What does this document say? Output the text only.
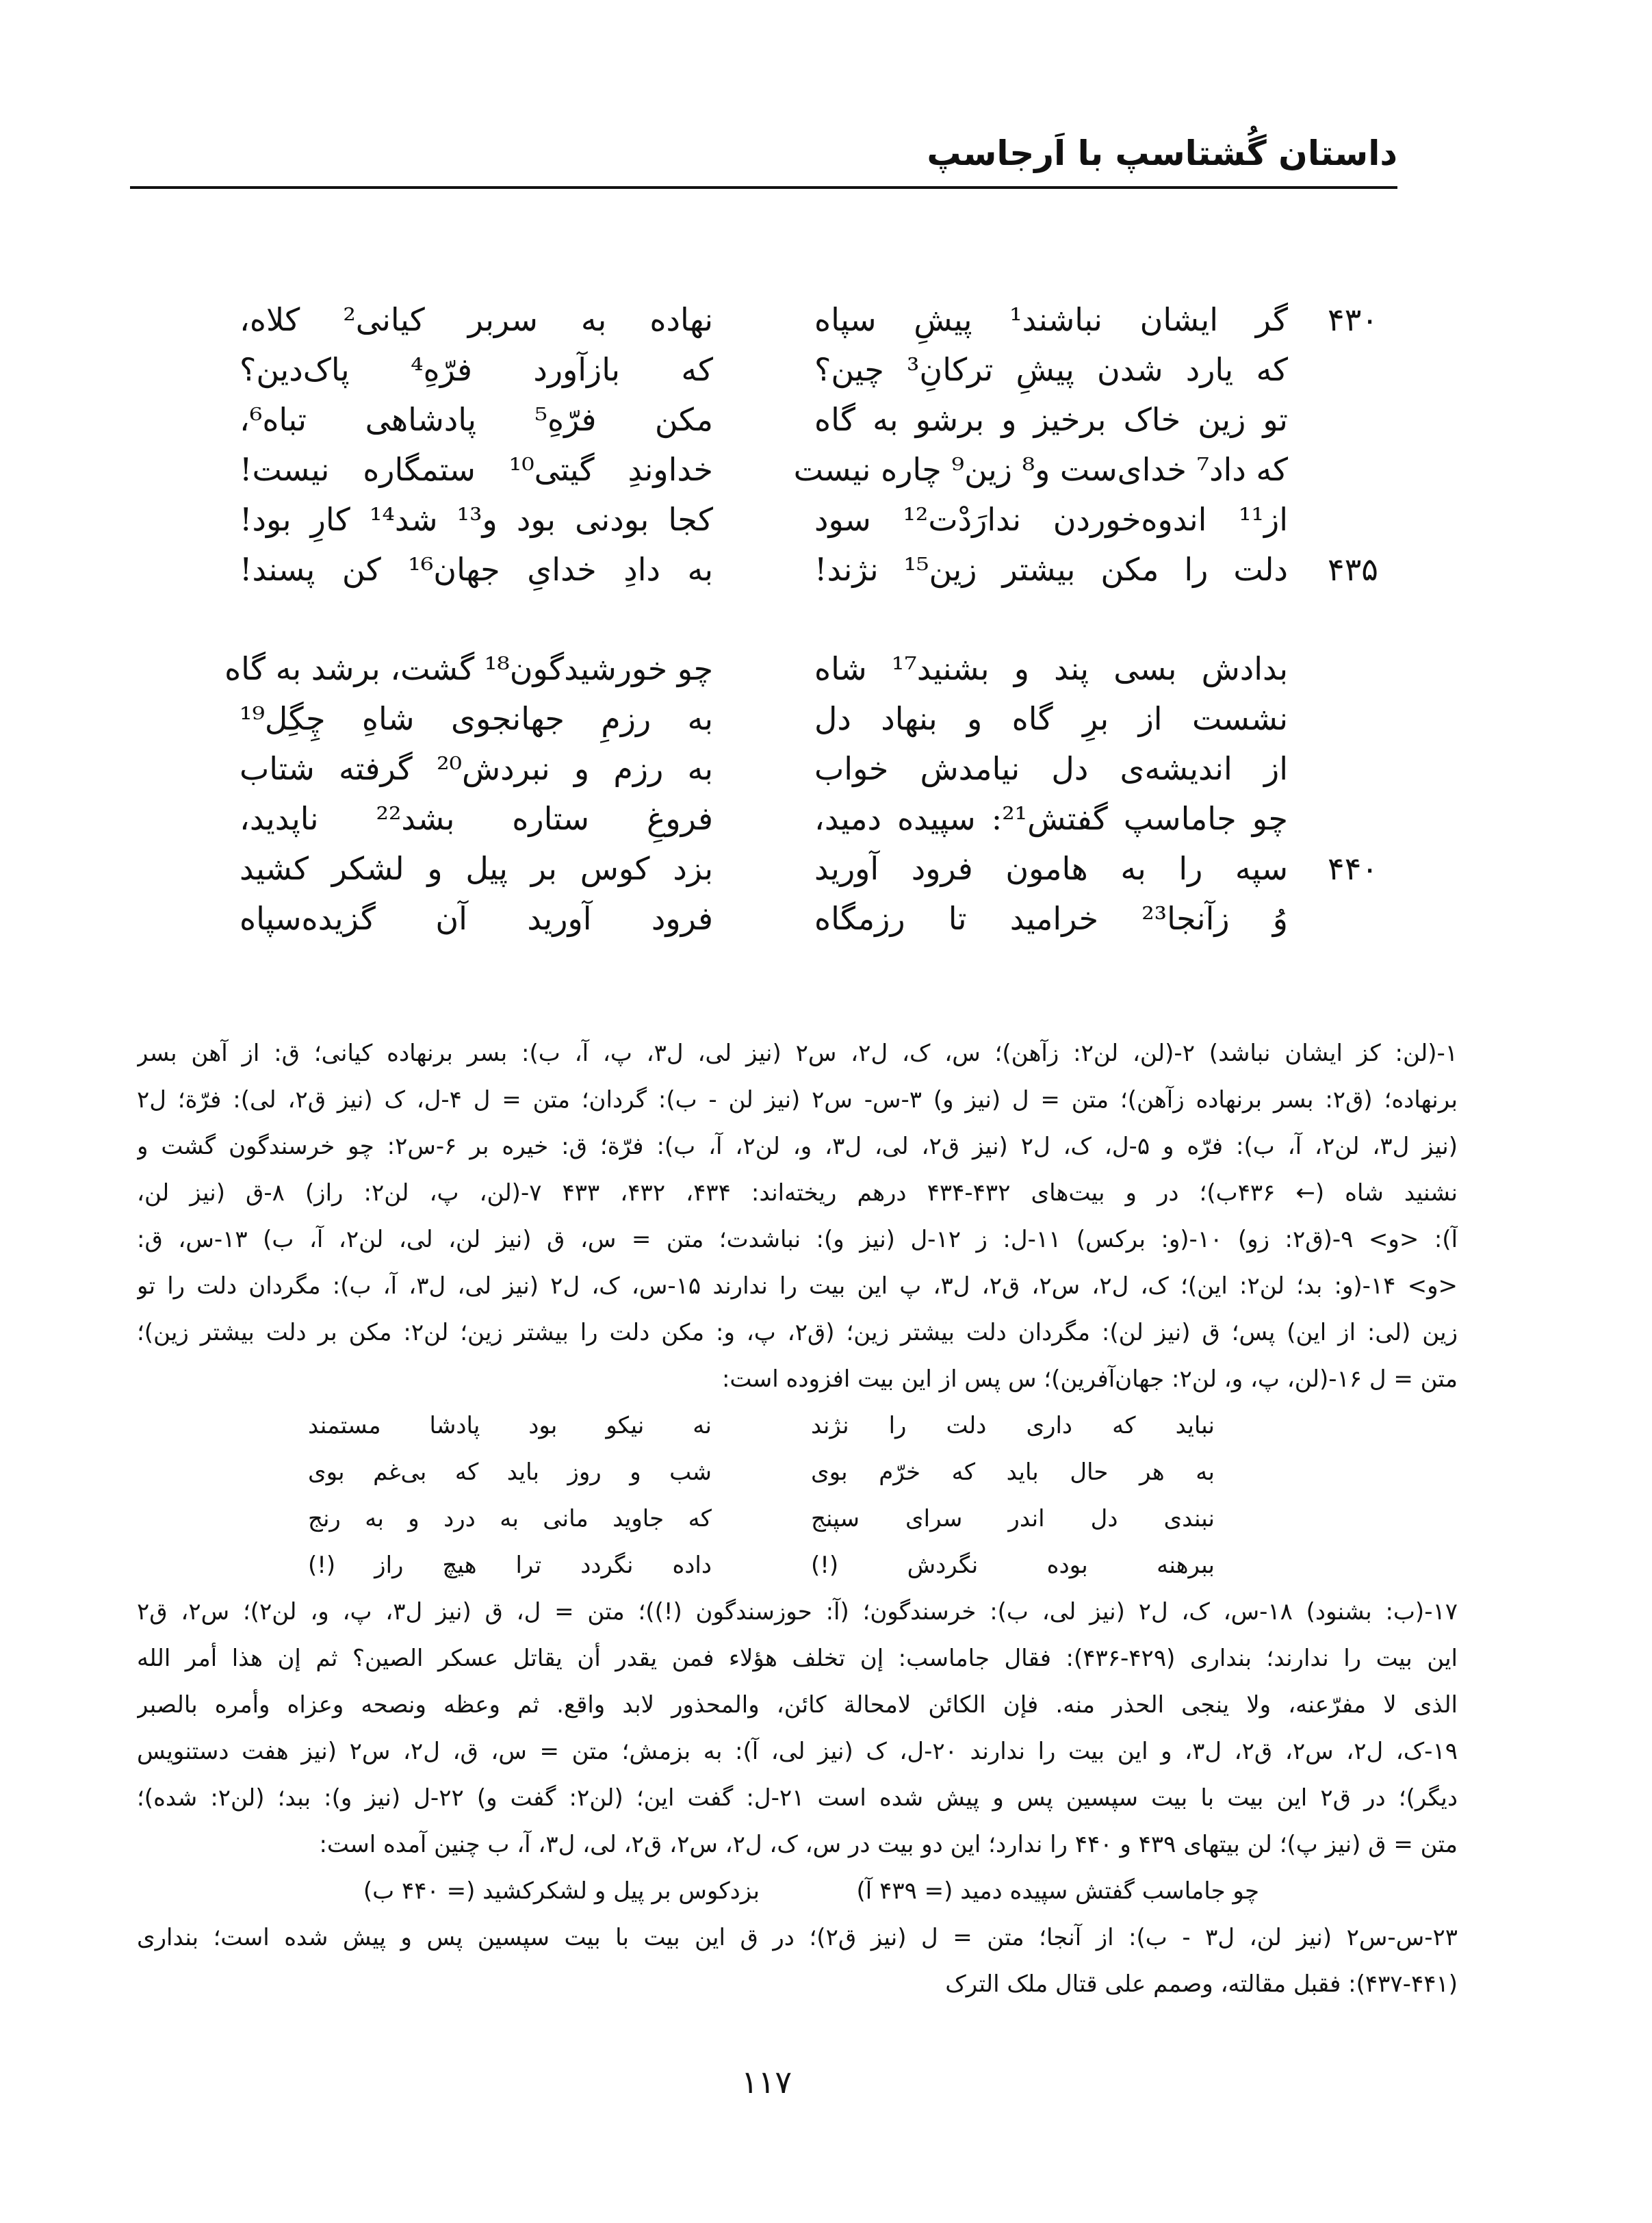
داستان گُشتاسپ با اَرجاسپ
۴۳۰
گر ایشان نباشند¹ پیشِ سپاه
نهاده به سربر کیانی² کلاه،
که یارد شدن پیشِ ترکانِ³ چین؟
که بازآورد فرّهِ⁴ پاک‌دین؟
تو زین خاک برخیز و برشو به گاه
مکن فرّهِ⁵ پادشاهی تباه⁶،
که داد⁷ خدای‌ست و⁸ زین⁹ چاره نیست
خداوندِ گیتی¹⁰ ستمگاره نیست!
از¹¹ اندوه‌خوردن ندارَدْت¹² سود
کجا بودنی بود و¹³ شد¹⁴ کارِ بود!
۴۳۵
دلت را مکن بیشتر زین¹⁵ نژند!
به دادِ خدایِ جهان¹⁶ کن پسند!
بدادش بسی پند و بشنید¹⁷ شاه
چو خورشیدگون¹⁸ گشت، برشد به گاه
نشست از برِ گاه و بنهاد دل
به رزمِ جهانجوی شاهِ چِگِل¹⁹
از اندیشه‌ی دل نیامدش خواب
به رزم و نبردش²⁰ گرفته شتاب
چو جاماسپ گفتش²¹: سپیده دمید،
فروغِ ستاره بشد²² ناپدید،
۴۴۰
سپه را به هامون فرود آورید
بزد کوس بر پیل و لشکر کشید
وُ زآنجا²³ خرامید تا رزمگاه
فرود آورید آن گزیده‌سپاه
۱-(لن: کز ایشان نباشد) ۲-(لن، لن۲: زآهن)؛ س، ک، ل۲، س۲ (نیز لی، ل۳، پ، آ، ب): بسر برنهاده کیانی؛ ق: از آهن بسر
برنهاده؛ (ق۲: بسر برنهاده زآهن)؛ متن = ل (نیز و) ۳-س- س۲ (نیز لن - ب): گردان؛ متن = ل ۴-ل، ک (نیز ق۲، لی): فرّة؛ ل۲
(نیز ل۳، لن۲، آ، ب): فرّه و ۵-ل، ک، ل۲ (نیز ق۲، لی، ل۳، و، لن۲، آ، ب): فرّة؛ ق: خیره بر ۶-س۲: چو خرسندگون گشت و
نشنید شاه (← ۴۳۶ب)؛ در و بیت‌های ۴۳۲-۴۳۴ درهم ریخته‌اند: ۴۳۴، ۴۳۲، ۴۳۳ ۷-(لن، پ، لن۲: راز) ۸-ق (نیز لن،
آ): <و> ۹-(ق۲: زو) ۱۰-(و: برکس) ۱۱-ل: ز ۱۲-ل (نیز و): نباشدت؛ متن = س، ق (نیز لن، لی، لن۲، آ، ب) ۱۳-س، ق:
<و> ۱۴-(و: بد؛ لن۲: این)؛ ک، ل۲، س۲، ق۲، ل۳، پ این بیت را ندارند ۱۵-س، ک، ل۲ (نیز لی، ل۳، آ، ب): مگردان دلت را تو
زین (لی: از این) پس؛ ق (نیز لن): مگردان دلت بیشتر زین؛ (ق۲، پ، و: مکن دلت را بیشتر زین؛ لن۲: مکن بر دلت بیشتر زین)؛
متن = ل ۱۶-(لن، پ، و، لن۲: جهان‌آفرین)؛ س پس از این بیت افزوده است:
نباید که داری دلت را نژند
نه نیکو بود پادشا مستمند
به هر حال باید که خرّم بوی
شب و روز باید که بی‌غم بوی
نبندی دل اندر سرای سپنج
که جاوید مانی به درد و به رنج
ببرهنه بوده نگردش (!)
داده نگردد ترا هیچ راز (!)
۱۷-(ب: بشنود) ۱۸-س، ک، ل۲ (نیز لی، ب): خرسندگون؛ (آ: حوزسندگون (!))؛ متن = ل، ق (نیز ل۳، پ، و، لن۲)؛ س۲، ق۲
این بیت را ندارند؛ بنداری (۴۲۹-۴۳۶): فقال جاماسب: إن تخلف هؤلاء فمن یقدر أن یقاتل عسکر الصین؟ ثم إن هذا أمر الله
الذی لا مفرّعنه، ولا ینجی الحذر منه. فإن الکائن لامحالة کائن، والمحذور لابد واقع. ثم وعظه ونصحه وعزاه وأمره بالصبر
۱۹-ک، ل۲، س۲، ق۲، ل۳، و این بیت را ندارند ۲۰-ل، ک (نیز لی، آ): به بزمش؛ متن = س، ق، ل۲، س۲ (نیز هفت دستنویس
دیگر)؛ در ق۲ این بیت با بیت سپسین پس و پیش شده است ۲۱-ل: گفت این؛ (لن۲: گفت و) ۲۲-ل (نیز و): ببد؛ (لن۲: شده)؛
متن = ق (نیز پ)؛ لن بیتهای ۴۳۹ و ۴۴۰ را ندارد؛ این دو بیت در س، ک، ل۲، س۲، ق۲، لی، ل۳، آ، ب چنین آمده است:
چو جاماسب گفتش سپیده دمید (= ۴۳۹ آ)
بزدکوس بر پیل و لشکرکشید (= ۴۴۰ ب)
۲۳-س-س۲ (نیز لن، ل۳ - ب): از آنجا؛ متن = ل (نیز ق۲)؛ در ق این بیت با بیت سپسین پس و پیش شده است؛ بنداری
(۴۳۷-۴۴۱): فقبل مقالته، وصمم علی قتال ملک الترک
۱۱۷
